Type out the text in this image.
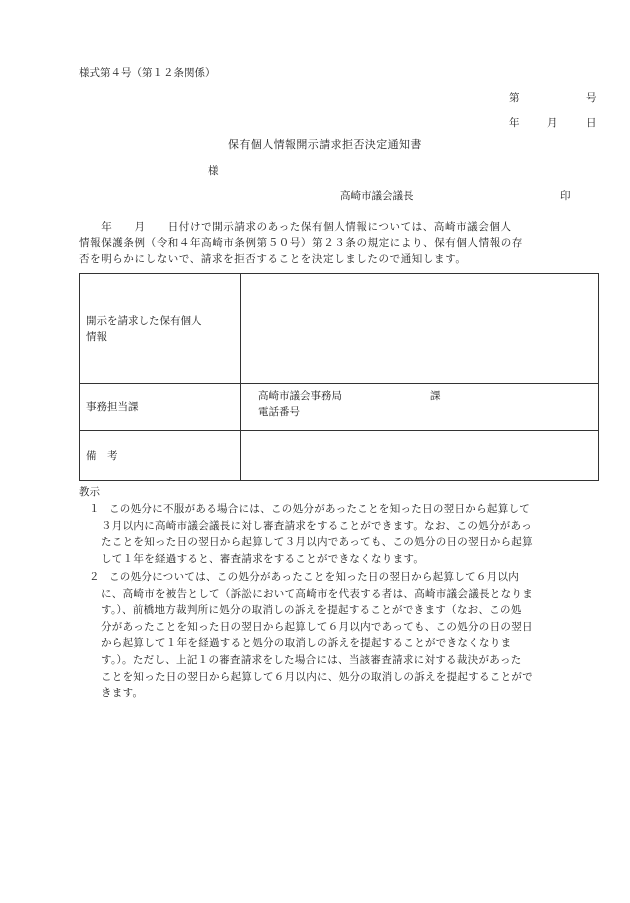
様式第４号（第１２条関係）
第	号
年	月	日
保有個人情報開示請求拒否決定通知書
様
高崎市議会議長	印
　　年　　月　　日付けで開示請求のあった保有個人情報については、高崎市議会個人
情報保護条例（令和４年高崎市条例第５０号）第２３条の規定により、保有個人情報の存
否を明らかにしないで、請求を拒否することを決定しましたので通知します。
開示を請求した保有個人
情報	

事務担当課	高崎市議会事務局 課
電話番号

備　考	
教示
１ この処分に不服がある場合には、この処分があったことを知った日の翌日から起算して
３月以内に高崎市議会議長に対し審査請求をすることができます。なお、この処分があっ
たことを知った日の翌日から起算して３月以内であっても、この処分の日の翌日から起算
して１年を経過すると、審査請求をすることができなくなります。
２ この処分については、この処分があったことを知った日の翌日から起算して６月以内
に、高崎市を被告として（訴訟において高崎市を代表する者は、高崎市議会議長となりま
す。）、前橋地方裁判所に処分の取消しの訴えを提起することができます（なお、この処
分があったことを知った日の翌日から起算して６月以内であっても、この処分の日の翌日
から起算して１年を経過すると処分の取消しの訴えを提起することができなくなりま
す。）。ただし、上記１の審査請求をした場合には、当該審査請求に対する裁決があった
ことを知った日の翌日から起算して６月以内に、処分の取消しの訴えを提起することがで
きます。
